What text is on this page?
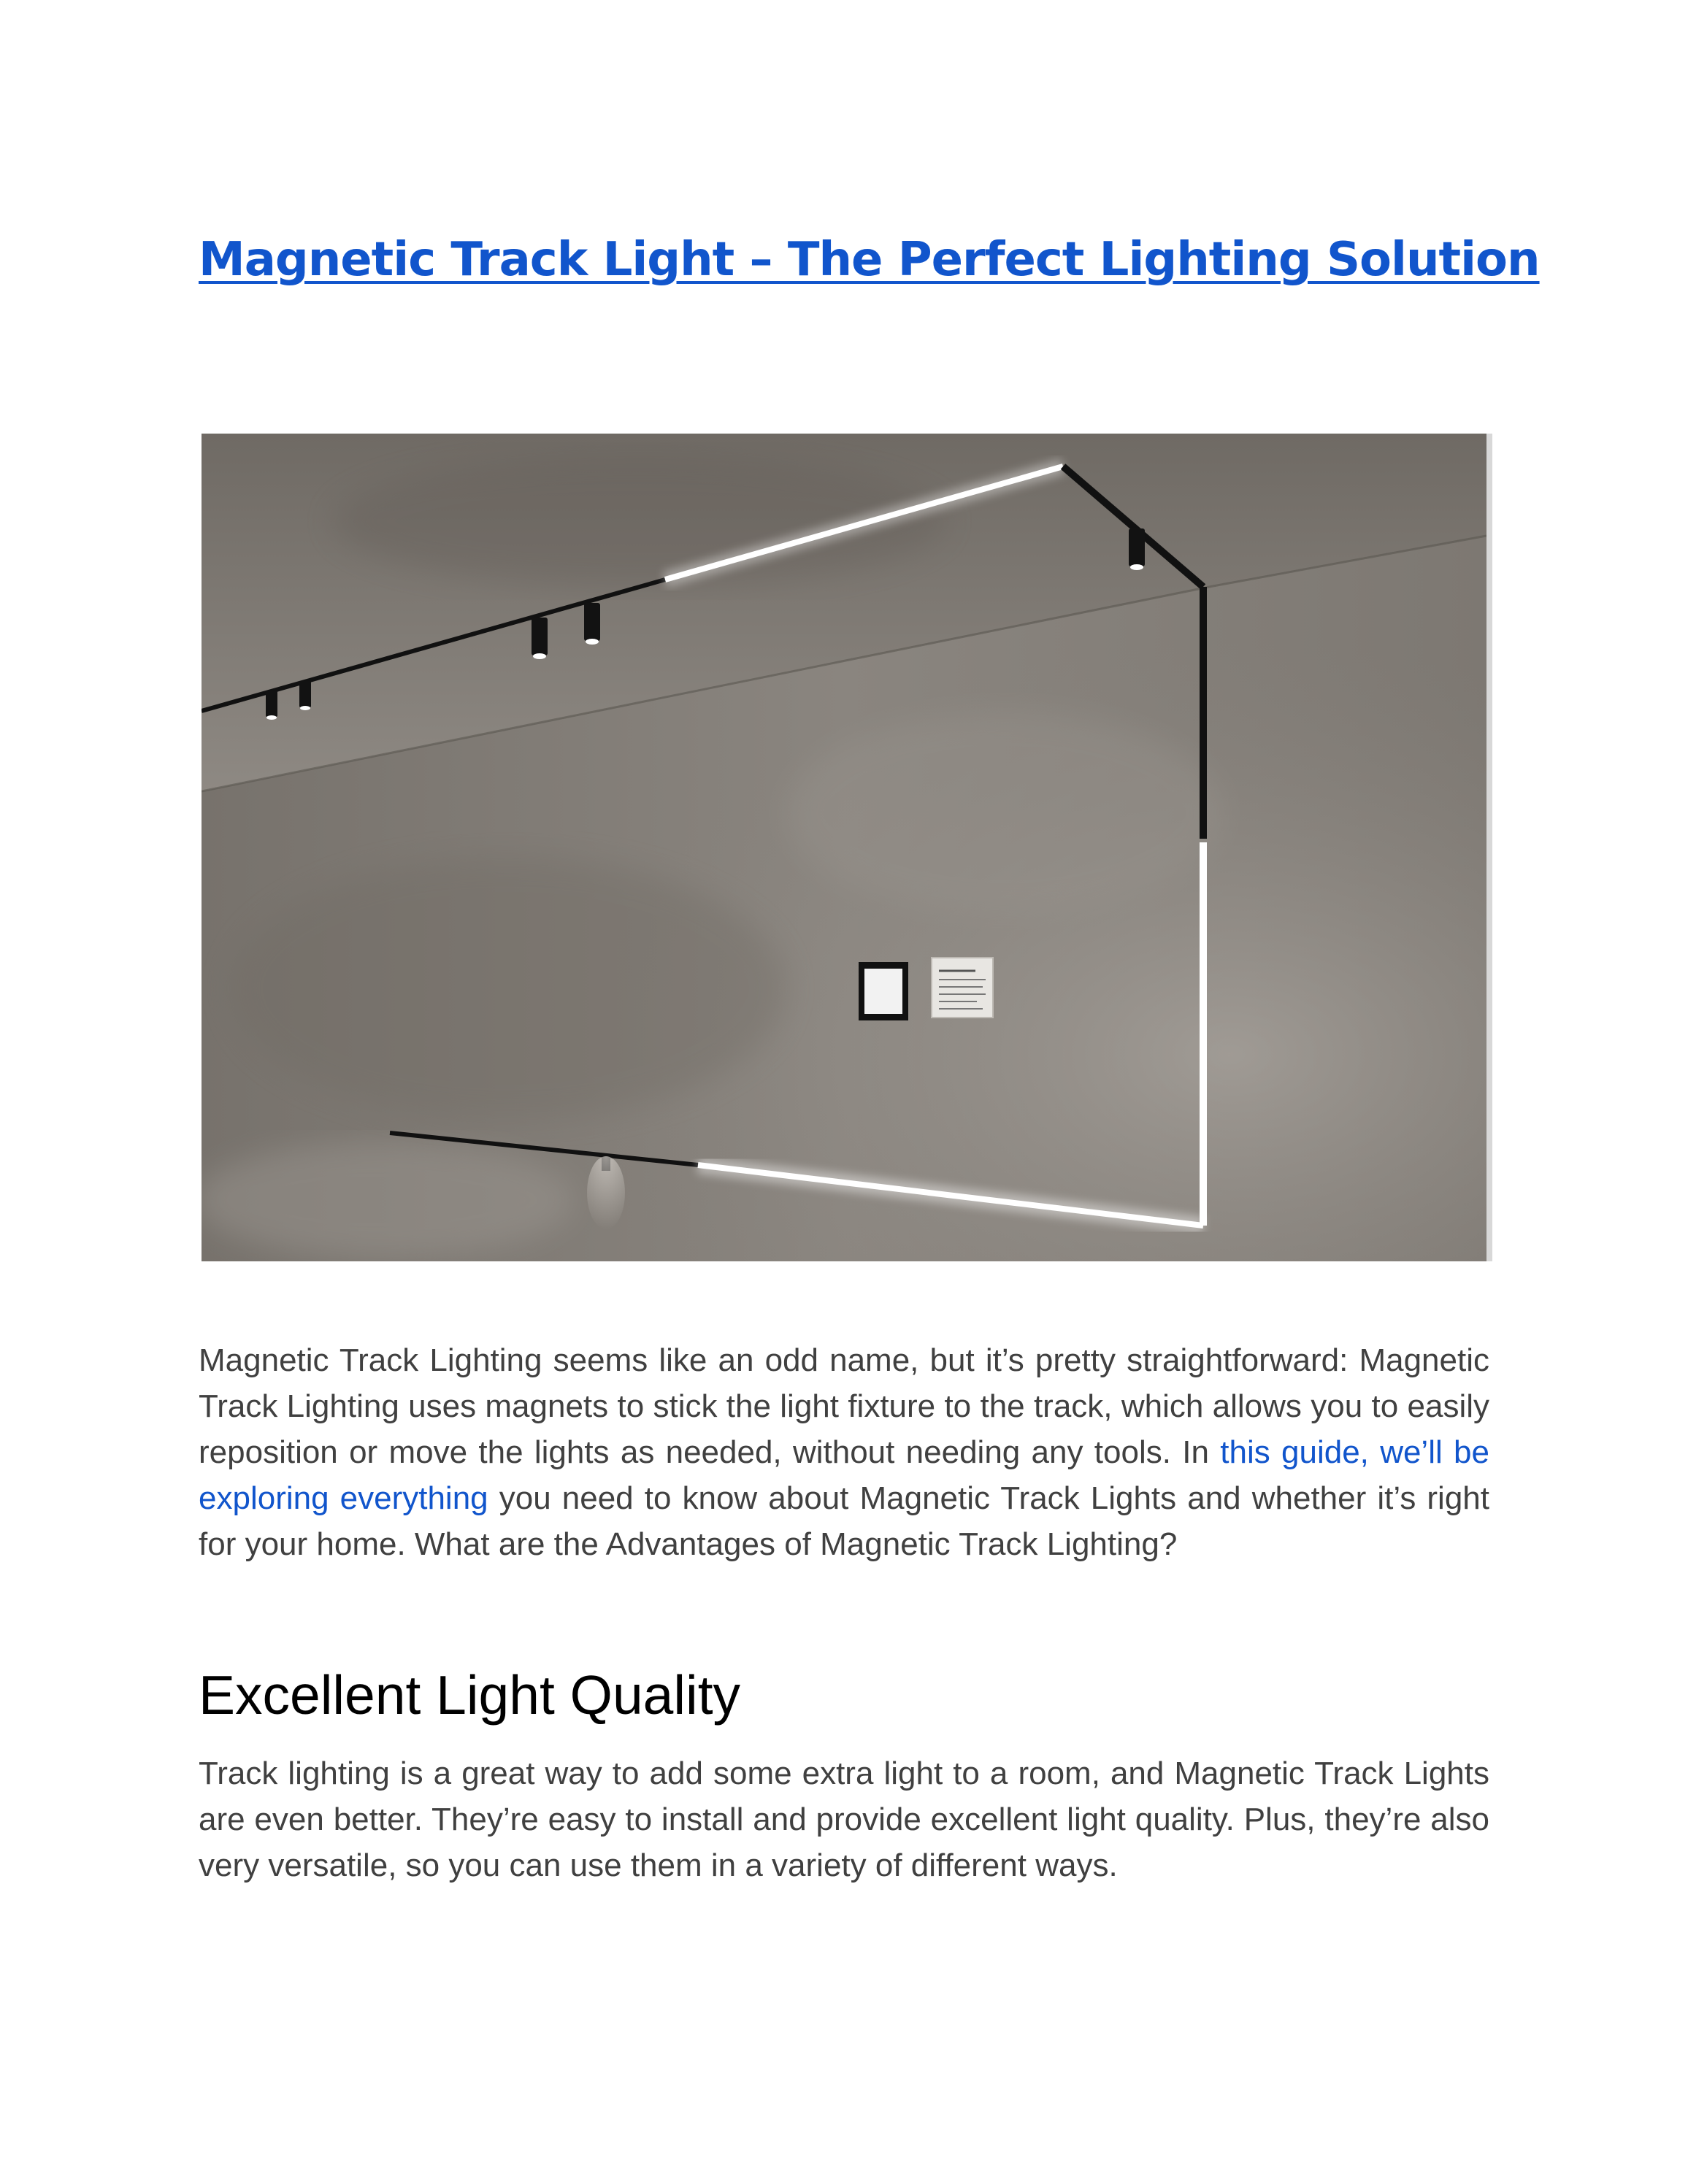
Magnetic Track Light – The Perfect Lighting Solution

Magnetic Track Lighting seems like an odd name, but it’s pretty straightforward: Magnetic Track Lighting uses magnets to stick the light fixture to the track, which allows you to easily reposition or move the lights as needed, without needing any tools. In this guide, we’ll be exploring everything you need to know about Magnetic Track Lights and whether it’s right for your home. What are the Advantages of Magnetic Track Lighting?

Excellent Light Quality

Track lighting is a great way to add some extra light to a room, and Magnetic Track Lights are even better. They’re easy to install and provide excellent light quality. Plus, they’re also very versatile, so you can use them in a variety of different ways.
